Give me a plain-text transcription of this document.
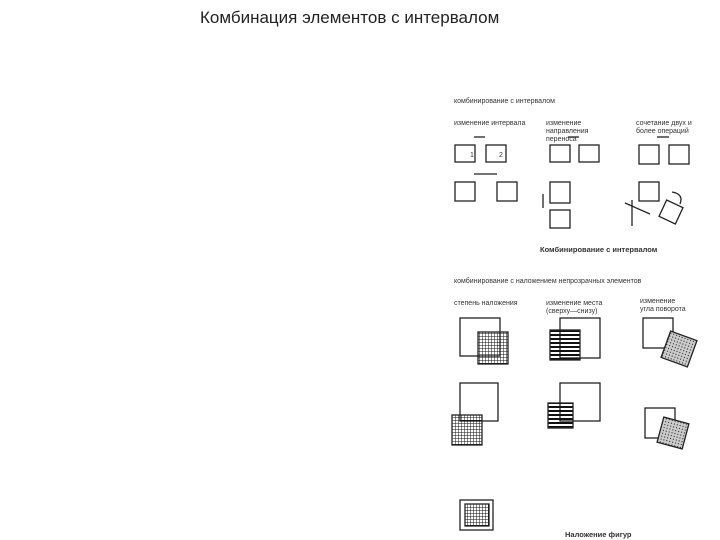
Комбинация элементов с интервалом
комбинирование с интервалом
изменение интервала	изменение направления переноса
сочетание двух и более операций
1	2
Комбинирование с интервалом
комбинирование с наложением непрозрачных элементов
степень наложения	изменение места (сверху—снизу)
изменение угла поворота
Наложение фигур
